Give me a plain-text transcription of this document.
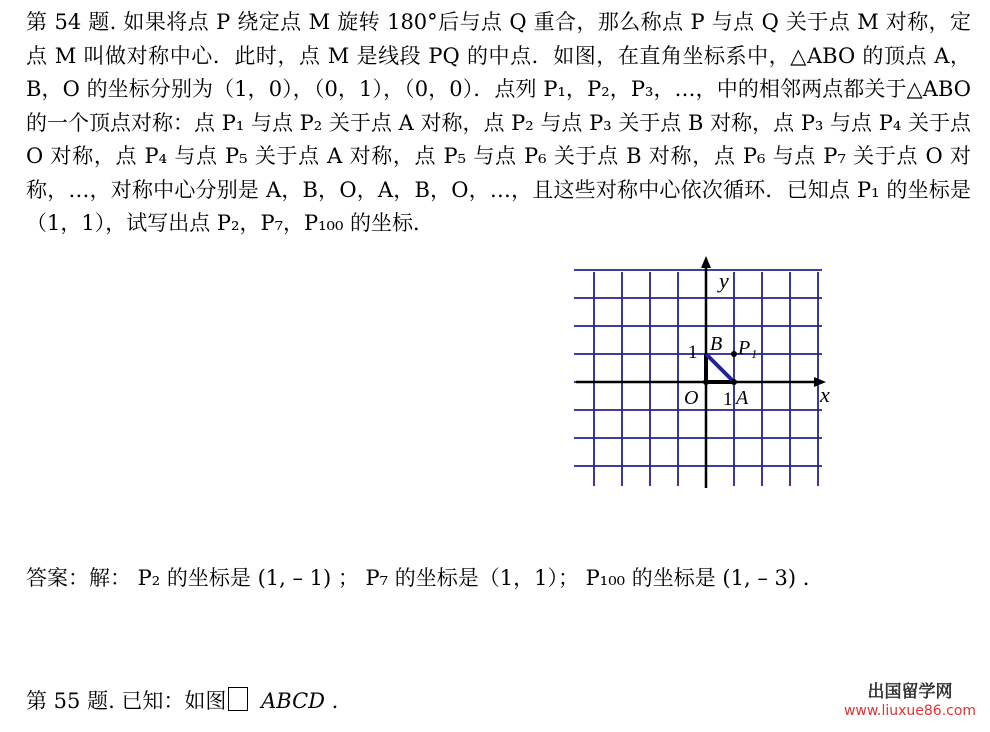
第 54 题. 如果将点 P 绕定点 M 旋转 180°后与点 Q 重合，那么称点 P 与点 Q 关于点 M 对称，定点 M 叫做对称中心．此时，点 M 是线段 PQ 的中点．如图，在直角坐标系中，△ABO 的顶点 A，B，O 的坐标分别为（1，0），（0，1），（0，0）．点列 P₁，P₂，P₃，…，中的相邻两点都关于△ABO 的一个顶点对称：点 P₁ 与点 P₂ 关于点 A 对称，点 P₂ 与点 P₃ 关于点 B 对称，点 P₃ 与点 P₄ 关于点 O 对称，点 P₄ 与点 P₅ 关于点 A 对称，点 P₅ 与点 P₆ 关于点 B 对称，点 P₆ 与点 P₇ 关于点 O 对称，…，对称中心分别是 A，B，O，A，B，O，…，且这些对称中心依次循环．已知点 P₁ 的坐标是（1，1），试写出点 P₂，P₇，P₁₀₀ 的坐标．

y
x
B P₁
1
O 1 A
答案：解： P₂ 的坐标是 (1, – 1) ； P₇ 的坐标是（1，1）； P₁₀₀ 的坐标是 (1, – 3) .
第 55 题. 已知：如图 ABCD .	出国留学网
www.liuxue86.com
